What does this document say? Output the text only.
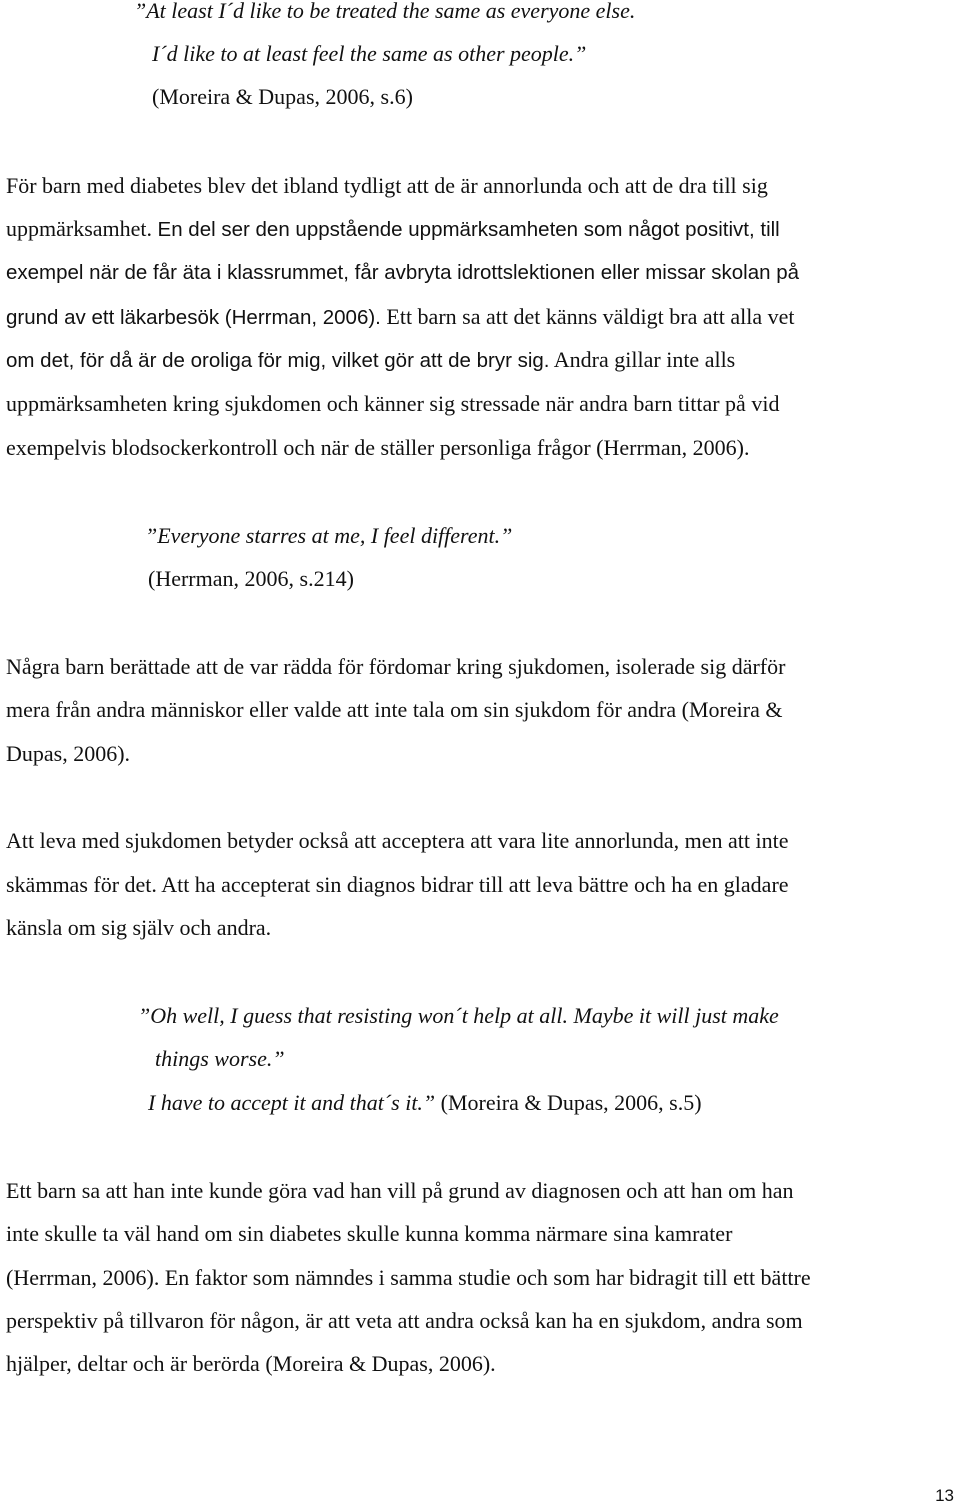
”At least I´d like to be treated the same as everyone else.
I´d like to at least feel the same as other people.”
(Moreira & Dupas, 2006, s.6)
För barn med diabetes blev det ibland tydligt att de är annorlunda och att de dra till sig
uppmärksamhet. En del ser den uppstående uppmärksamheten som något positivt, till
exempel när de får äta i klassrummet, får avbryta idrottslektionen eller missar skolan på
grund av ett läkarbesök (Herrman, 2006). Ett barn sa att det känns väldigt bra att alla vet
om det, för då är de oroliga för mig, vilket gör att de bryr sig. Andra gillar inte alls
uppmärksamheten kring sjukdomen och känner sig stressade när andra barn tittar på vid
exempelvis blodsockerkontroll och när de ställer personliga frågor (Herrman, 2006).
”Everyone starres at me, I feel different.”
(Herrman, 2006, s.214)
Några barn berättade att de var rädda för fördomar kring sjukdomen, isolerade sig därför
mera från andra människor eller valde att inte tala om sin sjukdom för andra (Moreira &
Dupas, 2006).
Att leva med sjukdomen betyder också att acceptera att vara lite annorlunda, men att inte
skämmas för det. Att ha accepterat sin diagnos bidrar till att leva bättre och ha en gladare
känsla om sig själv och andra.
”Oh well, I guess that resisting won´t help at all. Maybe it will just make
things worse.”
I have to accept it and that´s it.” (Moreira & Dupas, 2006, s.5)
Ett barn sa att han inte kunde göra vad han vill på grund av diagnosen och att han om han
inte skulle ta väl hand om sin diabetes skulle kunna komma närmare sina kamrater
(Herrman, 2006). En faktor som nämndes i samma studie och som har bidragit till ett bättre
perspektiv på tillvaron för någon, är att veta att andra också kan ha en sjukdom, andra som
hjälper, deltar och är berörda (Moreira & Dupas, 2006).
13
